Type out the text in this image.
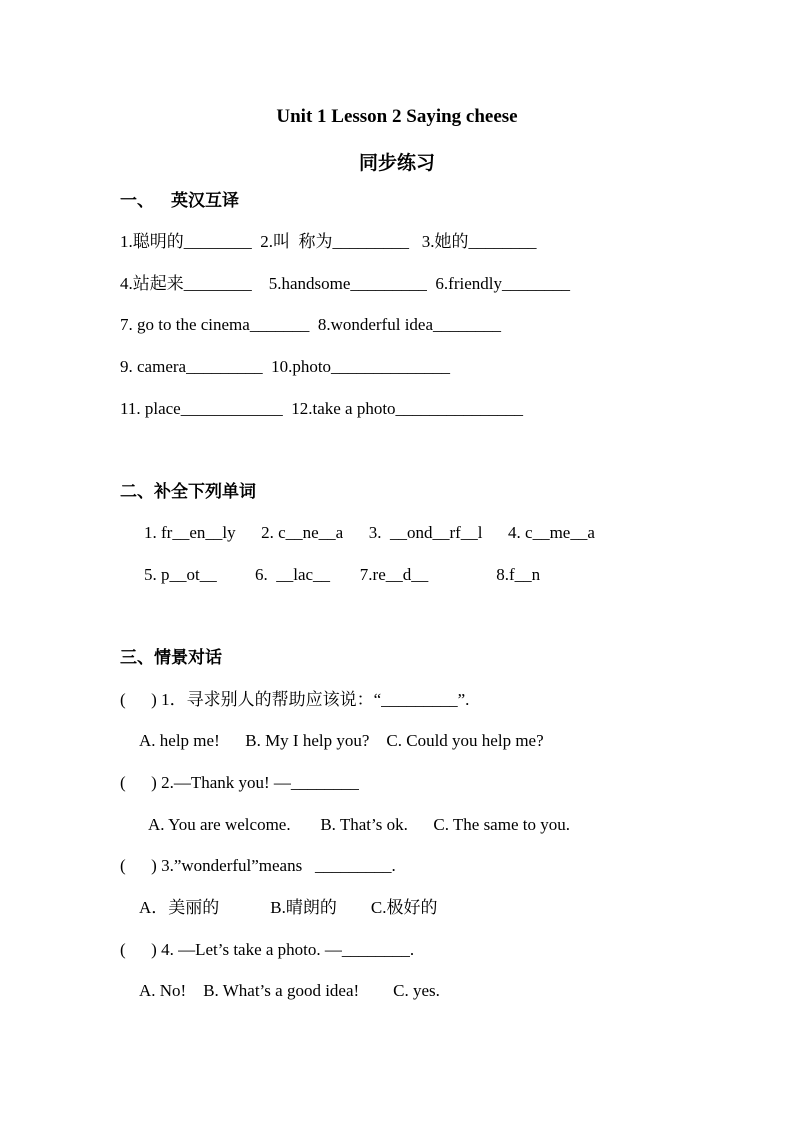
Unit 1 Lesson 2 Saying cheese
同步练习
一、    英汉互译
1.聪明的________  2.叫  称为_________   3.她的________
4.站起来________    5.handsome_________  6.friendly________
7. go to the cinema_______  8.wonderful idea________
9. camera_________  10.photo______________
11. place____________  12.take a photo_______________
二、补全下列单词
1. fr__en__ly      2. c__ne__a      3.  __ond__rf__l      4. c__me__a
5. p__ot__         6.  __lac__       7.re__d__                8.f__n
三、情景对话
(      ) 1．寻求别人的帮助应该说：“_________”.
A. help me!      B. My I help you?    C. Could you help me?
(      ) 2.—Thank you! —________
A. You are welcome.       B. That’s ok.      C. The same to you.
(      ) 3.”wonderful”means   _________.
A．美丽的            B.晴朗的        C.极好的
(      ) 4. —Let’s take a photo. —________.
A. No!    B. What’s a good idea!        C. yes.
